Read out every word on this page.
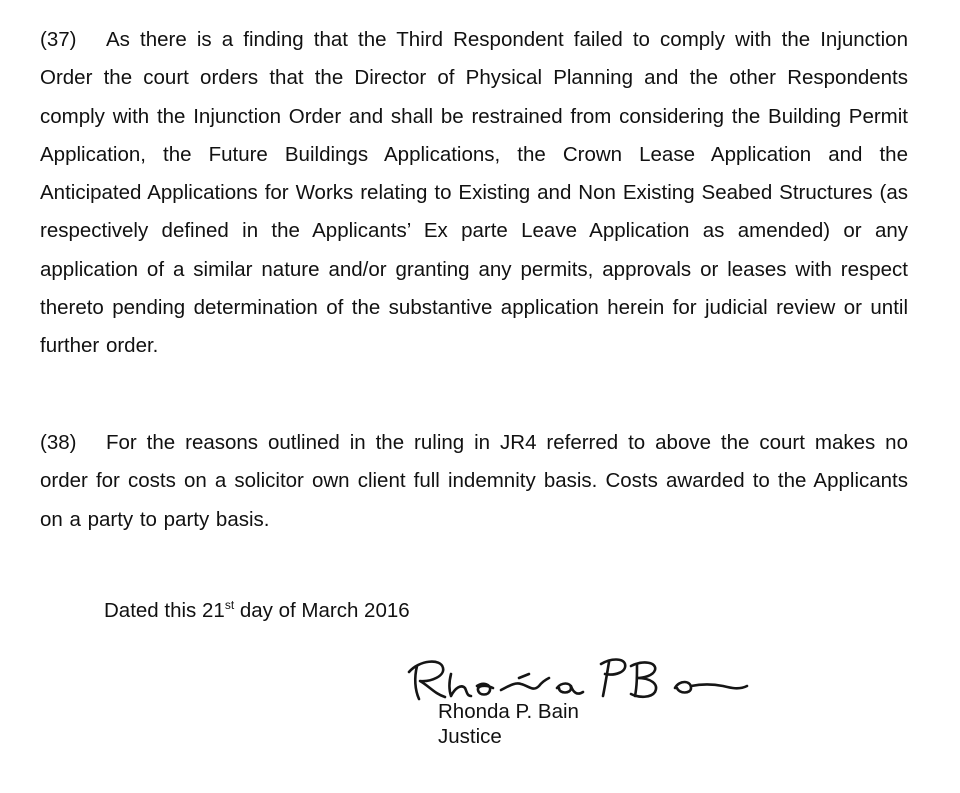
(37) As there is a finding that the Third Respondent failed to comply with the Injunction Order the court orders that the Director of Physical Planning and the other Respondents comply with the Injunction Order and shall be restrained from considering the Building Permit Application, the Future Buildings Applications, the Crown Lease Application and the Anticipated Applications for Works relating to Existing and Non Existing Seabed Structures (as respectively defined in the Applicants’ Ex parte Leave Application as amended) or any application of a similar nature and/or granting any permits, approvals or leases with respect thereto pending determination of the substantive application herein for judicial review or until further order.

(38) For the reasons outlined in the ruling in JR4 referred to above the court makes no order for costs on a solicitor own client full indemnity basis. Costs awarded to the Applicants on a party to party basis.

Dated this 21st day of March 2016
Rhonda P. Bain
Justice
